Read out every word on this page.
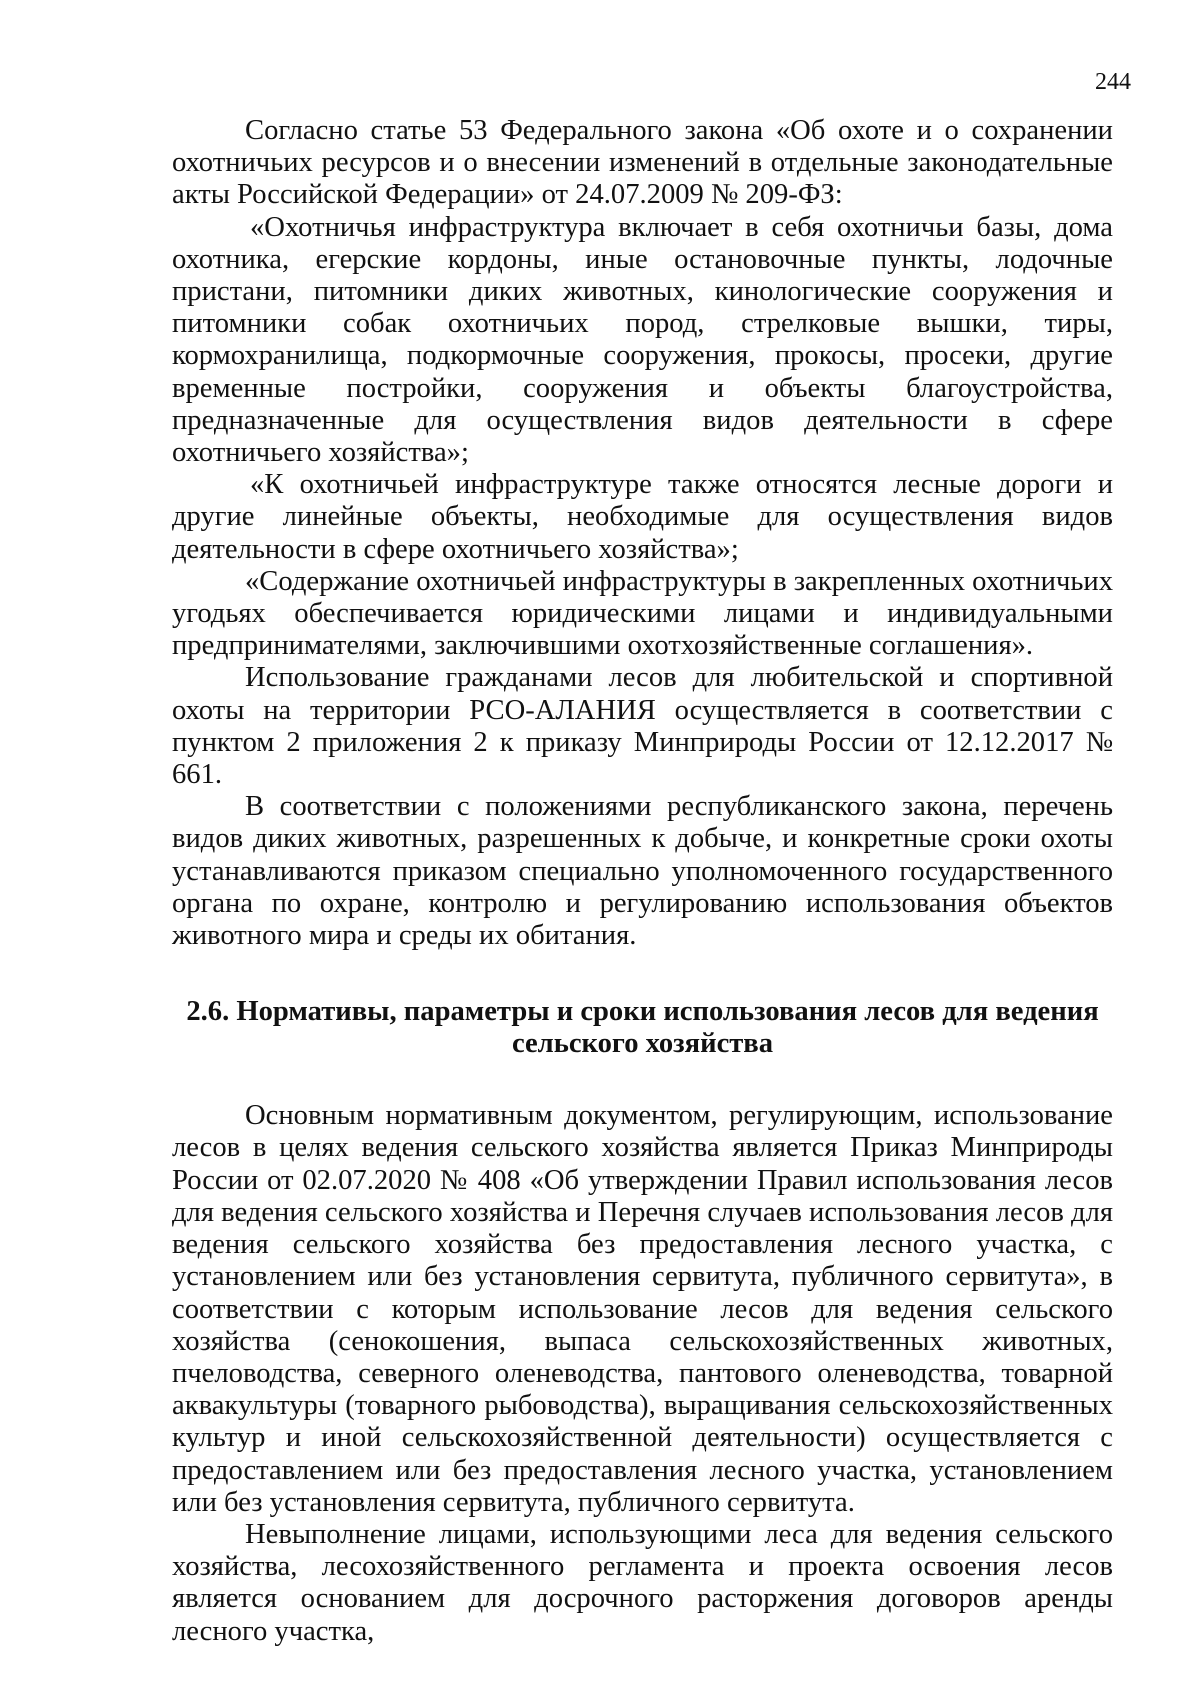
244

Согласно статье 53 Федерального закона «Об охоте и о сохранении охотничьих ресурсов и о внесении изменений в отдельные законодательные акты Российской Федерации» от 24.07.2009 № 209-ФЗ:

«Охотничья инфраструктура включает в себя охотничьи базы, дома охотника, егерские кордоны, иные остановочные пункты, лодочные пристани, питомники диких животных, кинологические сооружения и питомники собак охотничьих пород, стрелковые вышки, тиры, кормохранилища, подкормочные сооружения, прокосы, просеки, другие временные постройки, сооружения и объекты благоустройства, предназначенные для осуществления видов деятельности в сфере охотничьего хозяйства»;

«К охотничьей инфраструктуре также относятся лесные дороги и другие линейные объекты, необходимые для осуществления видов деятельности в сфере охотничьего хозяйства»;

«Содержание охотничьей инфраструктуры в закрепленных охотничьих угодьях обеспечивается юридическими лицами и индивидуальными предпринимателями, заключившими охотхозяйственные соглашения».

Использование гражданами лесов для любительской и спортивной охоты на территории РСО-АЛАНИЯ осуществляется в соответствии с пунктом 2 приложения 2 к приказу Минприроды России от 12.12.2017 № 661.

В соответствии с положениями республиканского закона, перечень видов диких животных, разрешенных к добыче, и конкретные сроки охоты устанавливаются приказом специально уполномоченного государственного органа по охране, контролю и регулированию использования объектов животного мира и среды их обитания.

2.6. Нормативы, параметры и сроки использования лесов для ведения
сельского хозяйства

Основным нормативным документом, регулирующим, использование лесов в целях ведения сельского хозяйства является Приказ Минприроды России от 02.07.2020 № 408 «Об утверждении Правил использования лесов для ведения сельского хозяйства и Перечня случаев использования лесов для ведения сельского хозяйства без предоставления лесного участка, с установлением или без установления сервитута, публичного сервитута», в соответствии с которым использование лесов для ведения сельского хозяйства (сенокошения, выпаса сельскохозяйственных животных, пчеловодства, северного оленеводства, пантового оленеводства, товарной аквакультуры (товарного рыбоводства), выращивания сельскохозяйственных культур и иной сельскохозяйственной деятельности) осуществляется с предоставлением или без предоставления лесного участка, установлением или без установления сервитута, публичного сервитута.

Невыполнение лицами, использующими леса для ведения сельского хозяйства, лесохозяйственного регламента и проекта освоения лесов является основанием для досрочного расторжения договоров аренды лесного участка,
